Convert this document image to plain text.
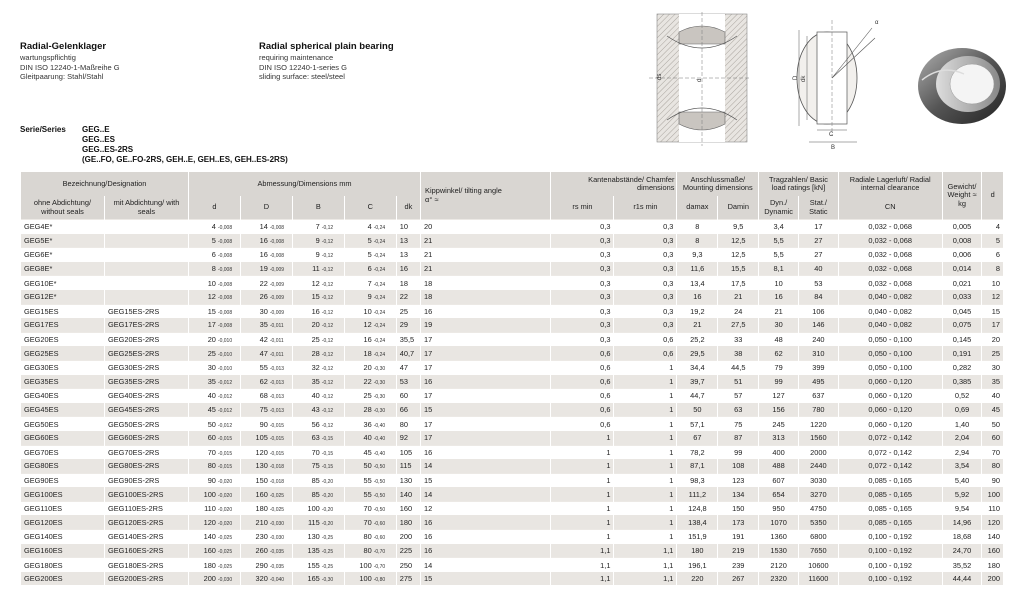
Radial-Gelenklager
wartungspflichtig
DIN ISO 12240-1-Maßreihe G
Gleitpaarung: Stahl/Stahl
Radial spherical plain bearing
requiring maintenance
DIN ISO 12240-1-series G
sliding surface: steel/steel
Serie/Series GEG..E
GEG..ES
GEG..ES-2RS
(GE..FO, GE..FO-2RS, GEH..E, GEH..ES, GEH..ES-2RS)
ds
d
D dk
C
B
α
Bezeichnung/Designation		Abmessung/Dimensions mm					Kippwinkel/ tilting angle
α° ≈	Kantenabstände/ Chamfer dimensions		Anschlussmaße/ Mounting dimensions		Tragzahlen/ Basic load ratings [kN]		Radiale Lagerluft/ Radial internal clearance	Gewicht/ Weight ≈ kg	d
ohne Abdichtung/ without seals	mit Abdichtung/ with seals	d	D	B	C	dk		rs min	r1s min	damax	Damin	Dyn./ Dynamic	Stat./ Static	CN		
GEG4E*		4 -0,008	14 -0,008	7 -0,12	4 -0,24	10	20	0,3	0,3	8	9,5	3,4	17	0,032 - 0,068	0,005	4
GEG5E*		5 -0,008	16 -0,008	9 -0,12	5 -0,24	13	21	0,3	0,3	8	12,5	5,5	27	0,032 - 0,068	0,008	5
GEG6E*		6 -0,008	16 -0,008	9 -0,12	5 -0,24	13	21	0,3	0,3	9,3	12,5	5,5	27	0,032 - 0,068	0,006	6
GEG8E*		8 -0,008	19 -0,009	11 -0,12	6 -0,24	16	21	0,3	0,3	11,6	15,5	8,1	40	0,032 - 0,068	0,014	8
GEG10E*		10 -0,008	22 -0,009	12 -0,12	7 -0,24	18	18	0,3	0,3	13,4	17,5	10	53	0,032 - 0,068	0,021	10
GEG12E*		12 -0,008	26 -0,009	15 -0,12	9 -0,24	22	18	0,3	0,3	16	21	16	84	0,040 - 0,082	0,033	12
GEG15ES	GEG15ES-2RS	15 -0,008	30 -0,009	16 -0,12	10 -0,24	25	16	0,3	0,3	19,2	24	21	106	0,040 - 0,082	0,045	15
GEG17ES	GEG17ES-2RS	17 -0,008	35 -0,011	20 -0,12	12 -0,24	29	19	0,3	0,3	21	27,5	30	146	0,040 - 0,082	0,075	17
GEG20ES	GEG20ES-2RS	20 -0,010	42 -0,011	25 -0,12	16 -0,24	35,5	17	0,3	0,6	25,2	33	48	240	0,050 - 0,100	0,145	20
GEG25ES	GEG25ES-2RS	25 -0,010	47 -0,011	28 -0,12	18 -0,24	40,7	17	0,6	0,6	29,5	38	62	310	0,050 - 0,100	0,191	25
GEG30ES	GEG30ES-2RS	30 -0,010	55 -0,013	32 -0,12	20 -0,30	47	17	0,6	1	34,4	44,5	79	399	0,050 - 0,100	0,282	30
GEG35ES	GEG35ES-2RS	35 -0,012	62 -0,013	35 -0,12	22 -0,30	53	16	0,6	1	39,7	51	99	495	0,060 - 0,120	0,385	35
GEG40ES	GEG40ES-2RS	40 -0,012	68 -0,013	40 -0,12	25 -0,30	60	17	0,6	1	44,7	57	127	637	0,060 - 0,120	0,52	40
GEG45ES	GEG45ES-2RS	45 -0,012	75 -0,013	43 -0,12	28 -0,30	66	15	0,6	1	50	63	156	780	0,060 - 0,120	0,69	45
GEG50ES	GEG50ES-2RS	50 -0,012	90 -0,015	56 -0,12	36 -0,40	80	17	0,6	1	57,1	75	245	1220	0,060 - 0,120	1,40	50
GEG60ES	GEG60ES-2RS	60 -0,015	105 -0,015	63 -0,15	40 -0,40	92	17	1	1	67	87	313	1560	0,072 - 0,142	2,04	60
GEG70ES	GEG70ES-2RS	70 -0,015	120 -0,015	70 -0,15	45 -0,40	105	16	1	1	78,2	99	400	2000	0,072 - 0,142	2,94	70
GEG80ES	GEG80ES-2RS	80 -0,015	130 -0,018	75 -0,15	50 -0,50	115	14	1	1	87,1	108	488	2440	0,072 - 0,142	3,54	80
GEG90ES	GEG90ES-2RS	90 -0,020	150 -0,018	85 -0,20	55 -0,50	130	15	1	1	98,3	123	607	3030	0,085 - 0,165	5,40	90
GEG100ES	GEG100ES-2RS	100 -0,020	160 -0,025	85 -0,20	55 -0,50	140	14	1	1	111,2	134	654	3270	0,085 - 0,165	5,92	100
GEG110ES	GEG110ES-2RS	110 -0,020	180 -0,025	100 -0,20	70 -0,50	160	12	1	1	124,8	150	950	4750	0,085 - 0,165	9,54	110
GEG120ES	GEG120ES-2RS	120 -0,020	210 -0,030	115 -0,20	70 -0,60	180	16	1	1	138,4	173	1070	5350	0,085 - 0,165	14,96	120
GEG140ES	GEG140ES-2RS	140 -0,025	230 -0,030	130 -0,25	80 -0,60	200	16	1	1	151,9	191	1360	6800	0,100 - 0,192	18,68	140
GEG160ES	GEG160ES-2RS	160 -0,025	260 -0,035	135 -0,25	80 -0,70	225	16	1,1	1,1	180	219	1530	7650	0,100 - 0,192	24,70	160
GEG180ES	GEG180ES-2RS	180 -0,025	290 -0,035	155 -0,25	100 -0,70	250	14	1,1	1,1	196,1	239	2120	10600	0,100 - 0,192	35,52	180
GEG200ES	GEG200ES-2RS	200 -0,030	320 -0,040	165 -0,30	100 -0,80	275	15	1,1	1,1	220	267	2320	11600	0,100 - 0,192	44,44	200
